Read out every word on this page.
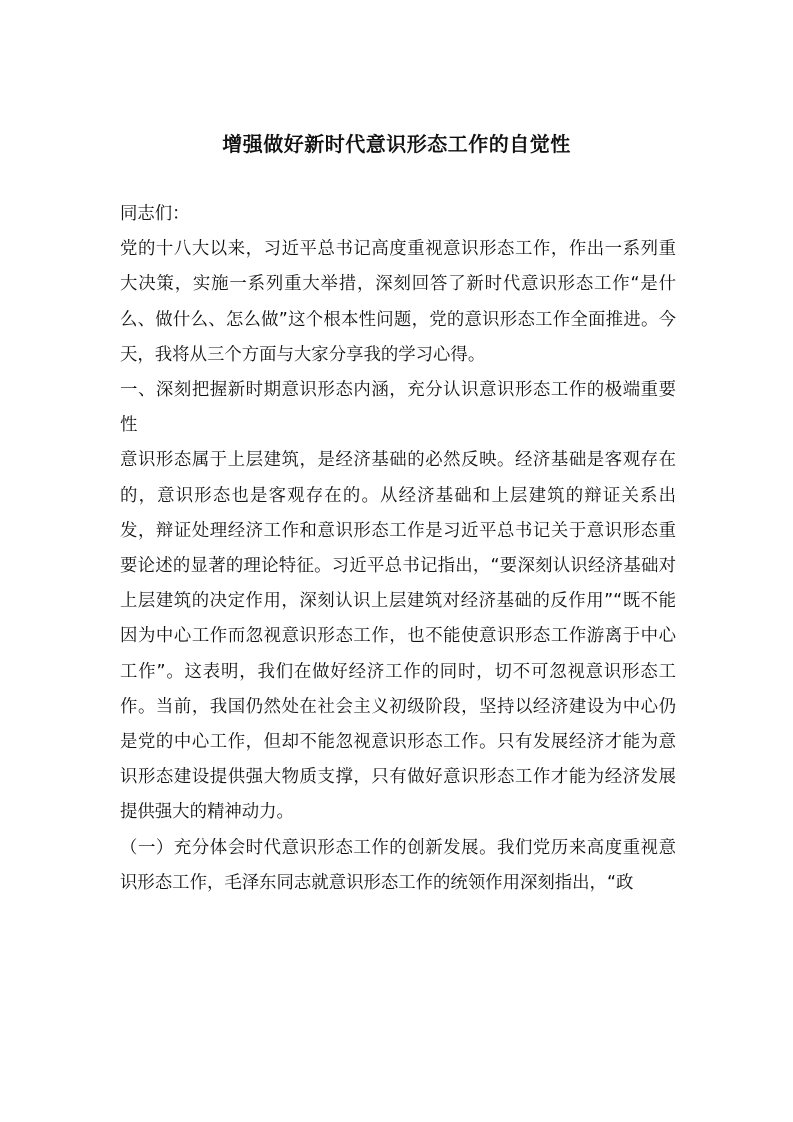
增强做好新时代意识形态工作的自觉性

同志们：

党的十八大以来，习近平总书记高度重视意识形态工作，作出一系列重大决策，实施一系列重大举措，深刻回答了新时代意识形态工作“是什么、做什么、怎么做”这个根本性问题，党的意识形态工作全面推进。今天，我将从三个方面与大家分享我的学习心得。

一、深刻把握新时期意识形态内涵，充分认识意识形态工作的极端重要性

意识形态属于上层建筑，是经济基础的必然反映。经济基础是客观存在的，意识形态也是客观存在的。从经济基础和上层建筑的辩证关系出发，辩证处理经济工作和意识形态工作是习近平总书记关于意识形态重要论述的显著的理论特征。习近平总书记指出，“要深刻认识经济基础对上层建筑的决定作用，深刻认识上层建筑对经济基础的反作用”“既不能因为中心工作而忽视意识形态工作，也不能使意识形态工作游离于中心工作”。这表明，我们在做好经济工作的同时，切不可忽视意识形态工作。当前，我国仍然处在社会主义初级阶段，坚持以经济建设为中心仍是党的中心工作，但却不能忽视意识形态工作。只有发展经济才能为意识形态建设提供强大物质支撑，只有做好意识形态工作才能为经济发展提供强大的精神动力。

（一）充分体会时代意识形态工作的创新发展。我们党历来高度重视意识形态工作，毛泽东同志就意识形态工作的统领作用深刻指出，“政
